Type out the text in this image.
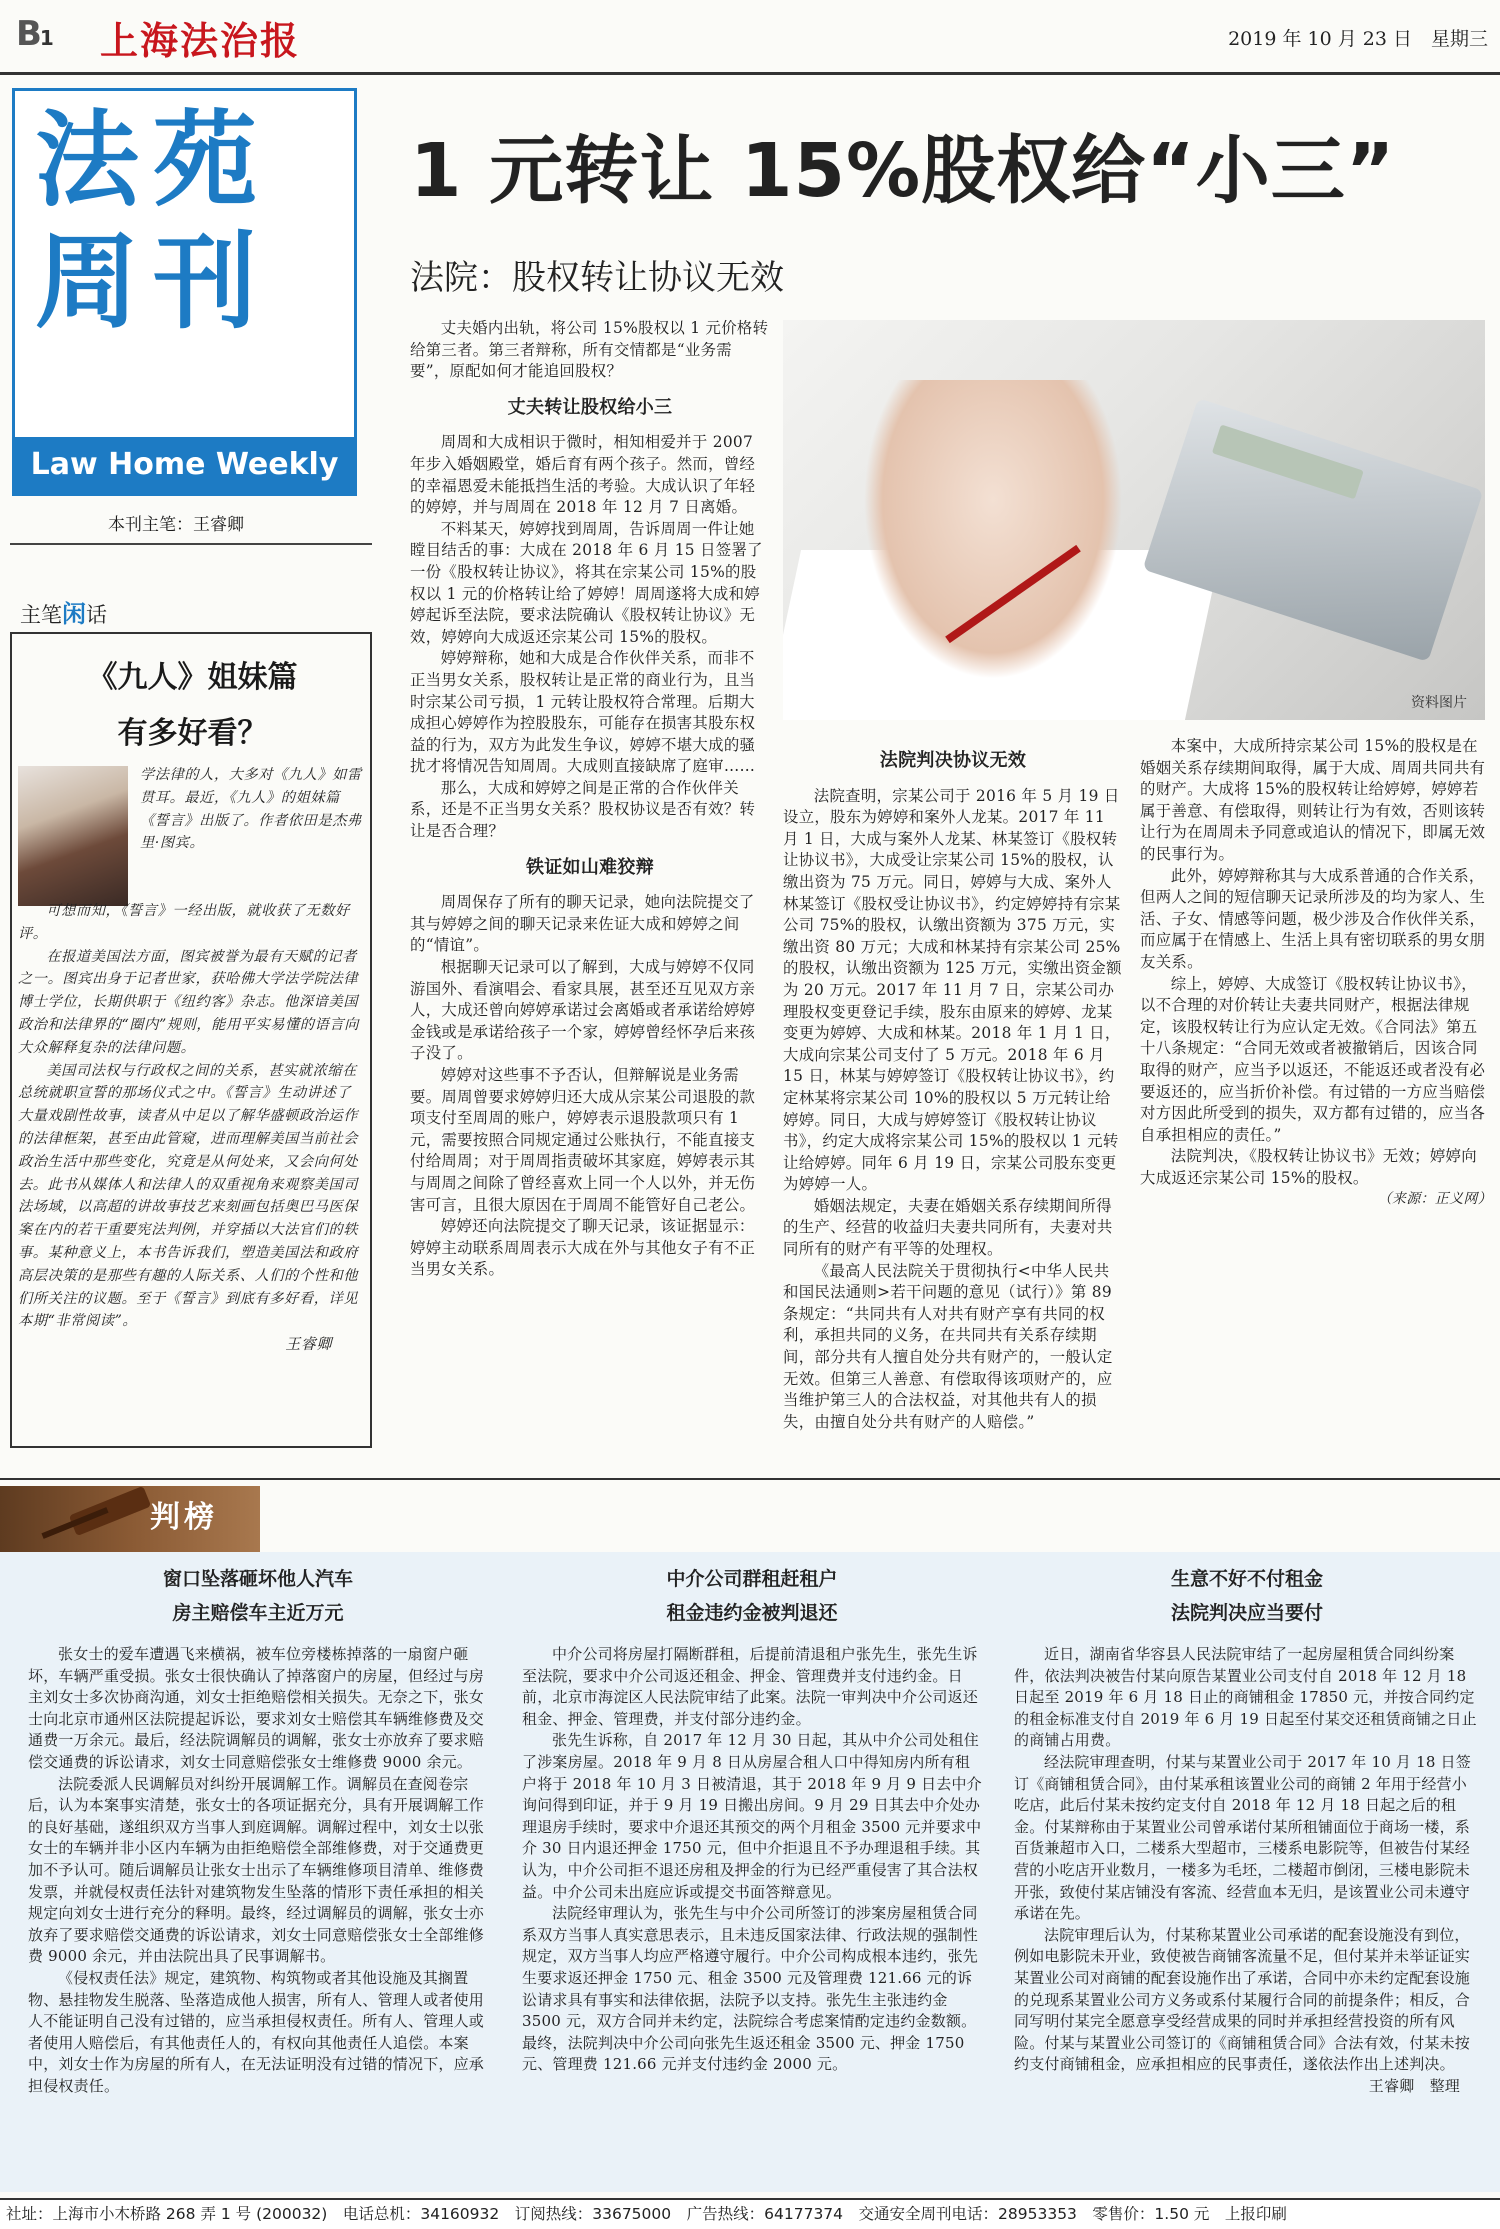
B1 上海法治报	2019 年 10 月 23 日　星期三
法苑周刊
Law Home Weekly
本刊主笔：王睿卿
主笔闲话
《九人》姐妹篇
有多好看？
学法律的人，大多对《九人》如雷贯耳。最近，《九人》的姐妹篇《誓言》出版了。作者依田是杰弗里·图宾。

可想而知，《誓言》一经出版，就收获了无数好评。

在报道美国法方面，图宾被誉为最有天赋的记者之一。图宾出身于记者世家，获哈佛大学法学院法律博士学位，长期供职于《纽约客》杂志。他深谙美国政治和法律界的“圈内”规则，能用平实易懂的语言向大众解释复杂的法律问题。

美国司法权与行政权之间的关系，甚实就浓缩在总统就职宣誓的那场仪式之中。《誓言》生动讲述了大量戏剧性故事，读者从中足以了解华盛顿政治运作的法律框架，甚至由此管窥，进而理解美国当前社会政治生活中那些变化，究竟是从何处来，又会向何处去。此书从媒体人和法律人的双重视角来观察美国司法场域，以高超的讲故事技艺来刻画包括奥巴马医保案在内的若干重要宪法判例，并穿插以大法官们的轶事。某种意义上，本书告诉我们，塑造美国法和政府高层决策的是那些有趣的人际关系、人们的个性和他们所关注的议题。至于《誓言》到底有多好看，详见本期“非常阅读”。

王睿卿

1 元转让 15%股权给“小三”
法院：股权转让协议无效

丈夫婚内出轨，将公司 15%股权以 1 元价格转给第三者。第三者辩称，所有交情都是“业务需要”，原配如何才能追回股权？

丈夫转让股权给小三

周周和大成相识于微时，相知相爱并于 2007 年步入婚姻殿堂，婚后育有两个孩子。然而，曾经的幸福恩爱未能抵挡生活的考验。大成认识了年轻的婷婷，并与周周在 2018 年 12 月 7 日离婚。

不料某天，婷婷找到周周，告诉周周一件让她瞠目结舌的事：大成在 2018 年 6 月 15 日签署了一份《股权转让协议》，将其在宗某公司 15%的股权以 1 元的价格转让给了婷婷！周周遂将大成和婷婷起诉至法院，要求法院确认《股权转让协议》无效，婷婷向大成返还宗某公司 15%的股权。

婷婷辩称，她和大成是合作伙伴关系，而非不正当男女关系，股权转让是正常的商业行为，且当时宗某公司亏损，1 元转让股权符合常理。后期大成担心婷婷作为控股股东，可能存在损害其股东权益的行为，双方为此发生争议，婷婷不堪大成的骚扰才将情况告知周周。大成则直接缺席了庭审……

那么，大成和婷婷之间是正常的合作伙伴关系，还是不正当男女关系？股权协议是否有效？转让是否合理？

铁证如山难狡辩

周周保存了所有的聊天记录，她向法院提交了其与婷婷之间的聊天记录来佐证大成和婷婷之间的“情谊”。

根据聊天记录可以了解到，大成与婷婷不仅同游国外、看演唱会、看家具展，甚至还互见双方亲人，大成还曾向婷婷承诺过会离婚或者承诺给婷婷金钱或是承诺给孩子一个家，婷婷曾经怀孕后来孩子没了。

婷婷对这些事不予否认，但辩解说是业务需要。周周曾要求婷婷归还大成从宗某公司退股的款项支付至周周的账户，婷婷表示退股款项只有 1 元，需要按照合同规定通过公账执行，不能直接支付给周周；对于周周指责破坏其家庭，婷婷表示其与周周之间除了曾经喜欢上同一个人以外，并无伤害可言，且很大原因在于周周不能管好自己老公。

婷婷还向法院提交了聊天记录，该证据显示：婷婷主动联系周周表示大成在外与其他女子有不正当男女关系。

资料图片

法院判决协议无效

法院查明，宗某公司于 2016 年 5 月 19 日设立，股东为婷婷和案外人龙某。2017 年 11 月 1 日，大成与案外人龙某、林某签订《股权转让协议书》，大成受让宗某公司 15%的股权，认缴出资为 75 万元。同日，婷婷与大成、案外人林某签订《股权受让协议书》，约定婷婷持有宗某公司 75%的股权，认缴出资额为 375 万元，实缴出资 80 万元；大成和林某持有宗某公司 25%的股权，认缴出资额为 125 万元，实缴出资金额为 20 万元。2017 年 11 月 7 日，宗某公司办理股权变更登记手续，股东由原来的婷婷、龙某变更为婷婷、大成和林某。2018 年 1 月 1 日，大成向宗某公司支付了 5 万元。2018 年 6 月 15 日，林某与婷婷签订《股权转让协议书》，约定林某将宗某公司 10%的股权以 5 万元转让给婷婷。同日，大成与婷婷签订《股权转让协议书》，约定大成将宗某公司 15%的股权以 1 元转让给婷婷。同年 6 月 19 日，宗某公司股东变更为婷婷一人。

婚姻法规定，夫妻在婚姻关系存续期间所得的生产、经营的收益归夫妻共同所有，夫妻对共同所有的财产有平等的处理权。

《最高人民法院关于贯彻执行<中华人民共和国民法通则>若干问题的意见（试行）》第 89 条规定：“共同共有人对共有财产享有共同的权利，承担共同的义务，在共同共有关系存续期间，部分共有人擅自处分共有财产的，一般认定无效。但第三人善意、有偿取得该项财产的，应当维护第三人的合法权益，对其他共有人的损失，由擅自处分共有财产的人赔偿。”

本案中，大成所持宗某公司 15%的股权是在婚姻关系存续期间取得，属于大成、周周共同共有的财产。大成将 15%的股权转让给婷婷，婷婷若属于善意、有偿取得，则转让行为有效，否则该转让行为在周周未予同意或追认的情况下，即属无效的民事行为。

此外，婷婷辩称其与大成系普通的合作关系，但两人之间的短信聊天记录所涉及的均为家人、生活、子女、情感等问题，极少涉及合作伙伴关系，而应属于在情感上、生活上具有密切联系的男女朋友关系。

综上，婷婷、大成签订《股权转让协议书》，以不合理的对价转让夫妻共同财产，根据法律规定，该股权转让行为应认定无效。《合同法》第五十八条规定：“合同无效或者被撤销后，因该合同取得的财产，应当予以返还，不能返还或者没有必要返还的，应当折价补偿。有过错的一方应当赔偿对方因此所受到的损失，双方都有过错的，应当各自承担相应的责任。”

法院判决，《股权转让协议书》无效；婷婷向大成返还宗某公司 15%的股权。

（来源：正义网）

判榜
窗口坠落砸坏他人汽车
房主赔偿车主近万元

张女士的爱车遭遇飞来横祸，被车位旁楼栋掉落的一扇窗户砸坏，车辆严重受损。张女士很快确认了掉落窗户的房屋，但经过与房主刘女士多次协商沟通，刘女士拒绝赔偿相关损失。无奈之下，张女士向北京市通州区法院提起诉讼，要求刘女士赔偿其车辆维修费及交通费一万余元。最后，经法院调解员的调解，张女士亦放弃了要求赔偿交通费的诉讼请求，刘女士同意赔偿张女士维修费 9000 余元。

法院委派人民调解员对纠纷开展调解工作。调解员在查阅卷宗后，认为本案事实清楚，张女士的各项证据充分，具有开展调解工作的良好基础，遂组织双方当事人到庭调解。调解过程中，刘女士以张女士的车辆并非小区内车辆为由拒绝赔偿全部维修费，对于交通费更加不予认可。随后调解员让张女士出示了车辆维修项目清单、维修费发票，并就侵权责任法针对建筑物发生坠落的情形下责任承担的相关规定向刘女士进行充分的释明。最终，经过调解员的调解，张女士亦放弃了要求赔偿交通费的诉讼请求，刘女士同意赔偿张女士全部维修费 9000 余元，并由法院出具了民事调解书。

《侵权责任法》规定，建筑物、构筑物或者其他设施及其搁置物、悬挂物发生脱落、坠落造成他人损害，所有人、管理人或者使用人不能证明自己没有过错的，应当承担侵权责任。所有人、管理人或者使用人赔偿后，有其他责任人的，有权向其他责任人追偿。本案中，刘女士作为房屋的所有人，在无法证明没有过错的情况下，应承担侵权责任。

中介公司群租赶租户
租金违约金被判退还

中介公司将房屋打隔断群租，后提前清退租户张先生，张先生诉至法院，要求中介公司返还租金、押金、管理费并支付违约金。日前，北京市海淀区人民法院审结了此案。法院一审判决中介公司返还租金、押金、管理费，并支付部分违约金。

张先生诉称，自 2017 年 12 月 30 日起，其从中介公司处租住了涉案房屋。2018 年 9 月 8 日从房屋合租人口中得知房内所有租户将于 2018 年 10 月 3 日被清退，其于 2018 年 9 月 9 日去中介询问得到印证，并于 9 月 19 日搬出房间。9 月 29 日其去中介处办理退房手续时，要求中介退还其预交的两个月租金 3500 元并要求中介 30 日内退还押金 1750 元，但中介拒退且不予办理退租手续。其认为，中介公司拒不退还房租及押金的行为已经严重侵害了其合法权益。中介公司未出庭应诉或提交书面答辩意见。

法院经审理认为，张先生与中介公司所签订的涉案房屋租赁合同系双方当事人真实意思表示，且未违反国家法律、行政法规的强制性规定，双方当事人均应严格遵守履行。中介公司构成根本违约，张先生要求返还押金 1750 元、租金 3500 元及管理费 121.66 元的诉讼请求具有事实和法律依据，法院予以支持。张先生主张违约金 3500 元，双方合同并未约定，法院综合考虑案情酌定违约金数额。最终，法院判决中介公司向张先生返还租金 3500 元、押金 1750 元、管理费 121.66 元并支付违约金 2000 元。

生意不好不付租金
法院判决应当要付

近日，湖南省华容县人民法院审结了一起房屋租赁合同纠纷案件，依法判决被告付某向原告某置业公司支付自 2018 年 12 月 18 日起至 2019 年 6 月 18 日止的商铺租金 17850 元，并按合同约定的租金标准支付自 2019 年 6 月 19 日起至付某交还租赁商铺之日止的商铺占用费。

经法院审理查明，付某与某置业公司于 2017 年 10 月 18 日签订《商铺租赁合同》，由付某承租该置业公司的商铺 2 年用于经营小吃店，此后付某未按约定支付自 2018 年 12 月 18 日起之后的租金。付某辩称由于某置业公司曾承诺付某所租铺面位于商场一楼，系百货兼超市入口，二楼系大型超市，三楼系电影院等，但被告付某经营的小吃店开业数月，一楼多为毛坯，二楼超市倒闭，三楼电影院未开张，致使付某店铺没有客流、经营血本无归，是该置业公司未遵守承诺在先。

法院审理后认为，付某称某置业公司承诺的配套设施没有到位，例如电影院未开业，致使被告商铺客流量不足，但付某并未举证证实某置业公司对商铺的配套设施作出了承诺，合同中亦未约定配套设施的兑现系某置业公司方义务或系付某履行合同的前提条件；相反，合同写明付某完全愿意享受经营成果的同时并承担经营投资的所有风险。付某与某置业公司签订的《商铺租赁合同》合法有效，付某未按约支付商铺租金，应承担相应的民事责任，遂依法作出上述判决。

王睿卿　整理

社址：上海市小木桥路 268 弄 1 号 (200032)　电话总机：34160932　订阅热线：33675000　广告热线：64177374　交通安全周刊电话：28953353　零售价：1.50 元　上报印刷
